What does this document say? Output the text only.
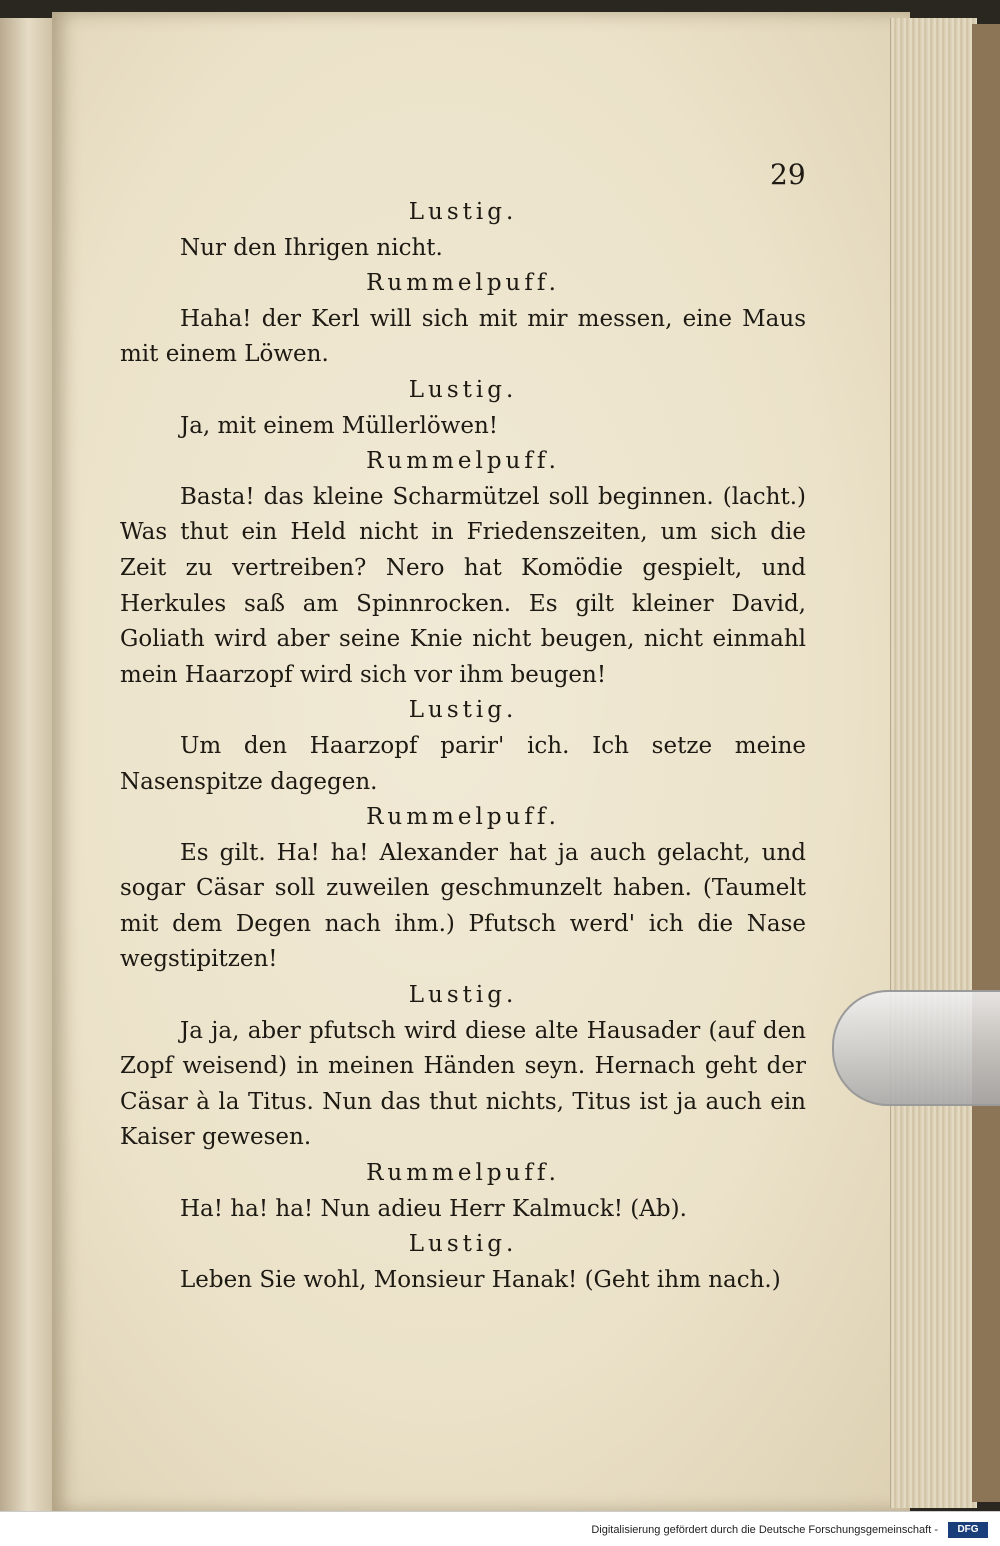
29

Lustig.

Nur den Ihrigen nicht.

Rummelpuff.

Haha! der Kerl will sich mit mir messen, eine Maus mit einem Löwen.

Lustig.

Ja, mit einem Müllerlöwen!

Rummelpuff.

Basta! das kleine Scharmützel soll beginnen. (lacht.) Was thut ein Held nicht in Friedenszeiten, um sich die Zeit zu vertreiben? Nero hat Komödie gespielt, und Herkules saß am Spinnrocken. Es gilt kleiner David, Goliath wird aber seine Knie nicht beugen, nicht einmahl mein Haarzopf wird sich vor ihm beugen!

Lustig.

Um den Haarzopf parir' ich. Ich setze meine Nasenspitze dagegen.

Rummelpuff.

Es gilt. Ha! ha! Alexander hat ja auch gelacht, und sogar Cäsar soll zuweilen geschmunzelt haben. (Taumelt mit dem Degen nach ihm.) Pfutsch werd' ich die Nase wegstipitzen!

Lustig.

Ja ja, aber pfutsch wird diese alte Hausader (auf den Zopf weisend) in meinen Händen seyn. Hernach geht der Cäsar à la Titus. Nun das thut nichts, Titus ist ja auch ein Kaiser gewesen.

Rummelpuff.

Ha! ha! ha! Nun adieu Herr Kalmuck! (Ab).

Lustig.

Leben Sie wohl, Monsieur Hanak! (Geht ihm nach.)

Digitalisierung gefördert durch die Deutsche Forschungsgemeinschaft -	DFG
